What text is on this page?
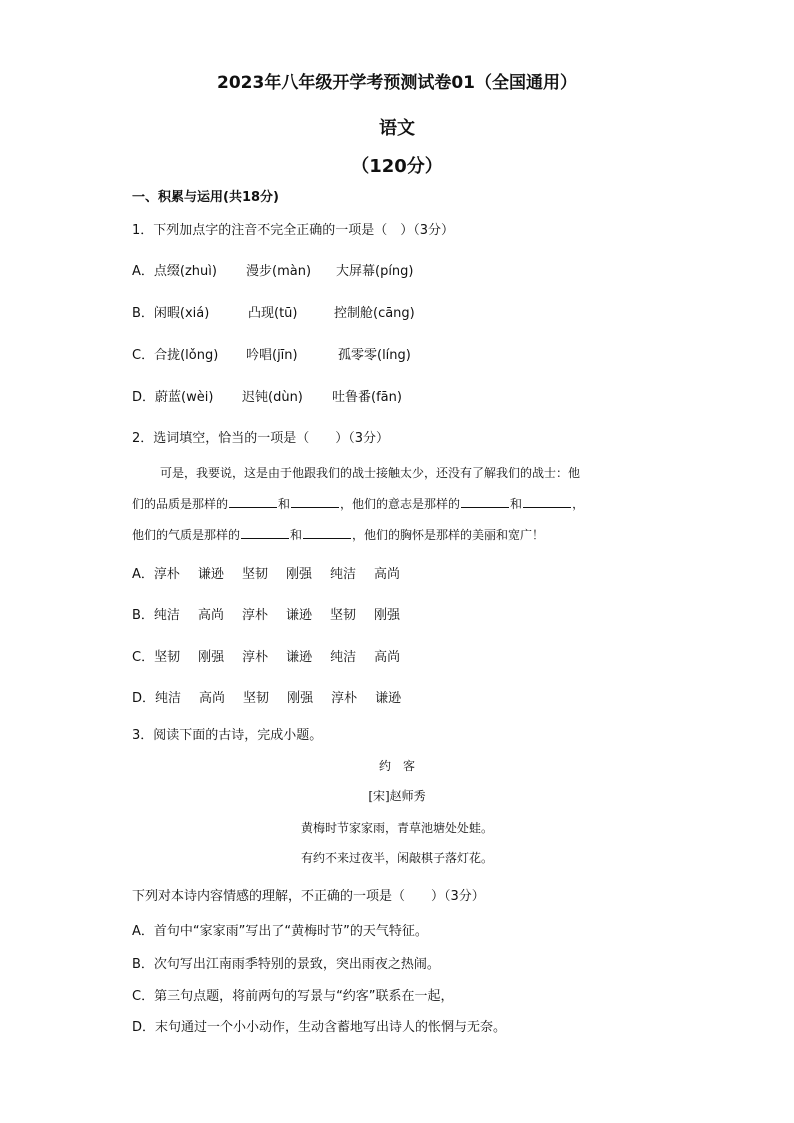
2023年八年级开学考预测试卷01（全国通用）
语文
（120分）
一、积累与运用(共18分)
1．下列加点字的注音不完全正确的一项是（　）（3分）
A．点缀(zhuì) 漫步(màn) 大屏幕(píng)
B．闲暇(xiá)	凸现(tū)	控制舱(cāng)
C．合拢(lǒng) 吟唱(jīn)	孤零零(líng)
D．蔚蓝(wèi) 迟钝(dùn) 吐鲁番(fān)
2．选词填空，恰当的一项是（　　）（3分）
可是，我要说，这是由于他跟我们的战士接触太少，还没有了解我们的战士：他
们的品质是那样的	和	，他们的意志是那样的	和	，
他们的气质是那样的	和	，他们的胸怀是那样的美丽和宽广！
A．淳朴 谦逊 坚韧 刚强 纯洁 高尚
B．纯洁 高尚 淳朴 谦逊 坚韧 刚强
C．坚韧 刚强 淳朴 谦逊 纯洁 高尚
D．纯洁 高尚 坚韧 刚强 淳朴 谦逊
3．阅读下面的古诗，完成小题。
约　客
[宋]赵师秀
黄梅时节家家雨，青草池塘处处蛙。
有约不来过夜半，闲敲棋子落灯花。
下列对本诗内容情感的理解，不正确的一项是（　　）（3分）
A．首句中“家家雨”写出了“黄梅时节”的天气特征。
B．次句写出江南雨季特别的景致，突出雨夜之热闹。
C．第三句点题，将前两句的写景与“约客”联系在一起，
D．末句通过一个小小动作，生动含蓄地写出诗人的怅惘与无奈。
